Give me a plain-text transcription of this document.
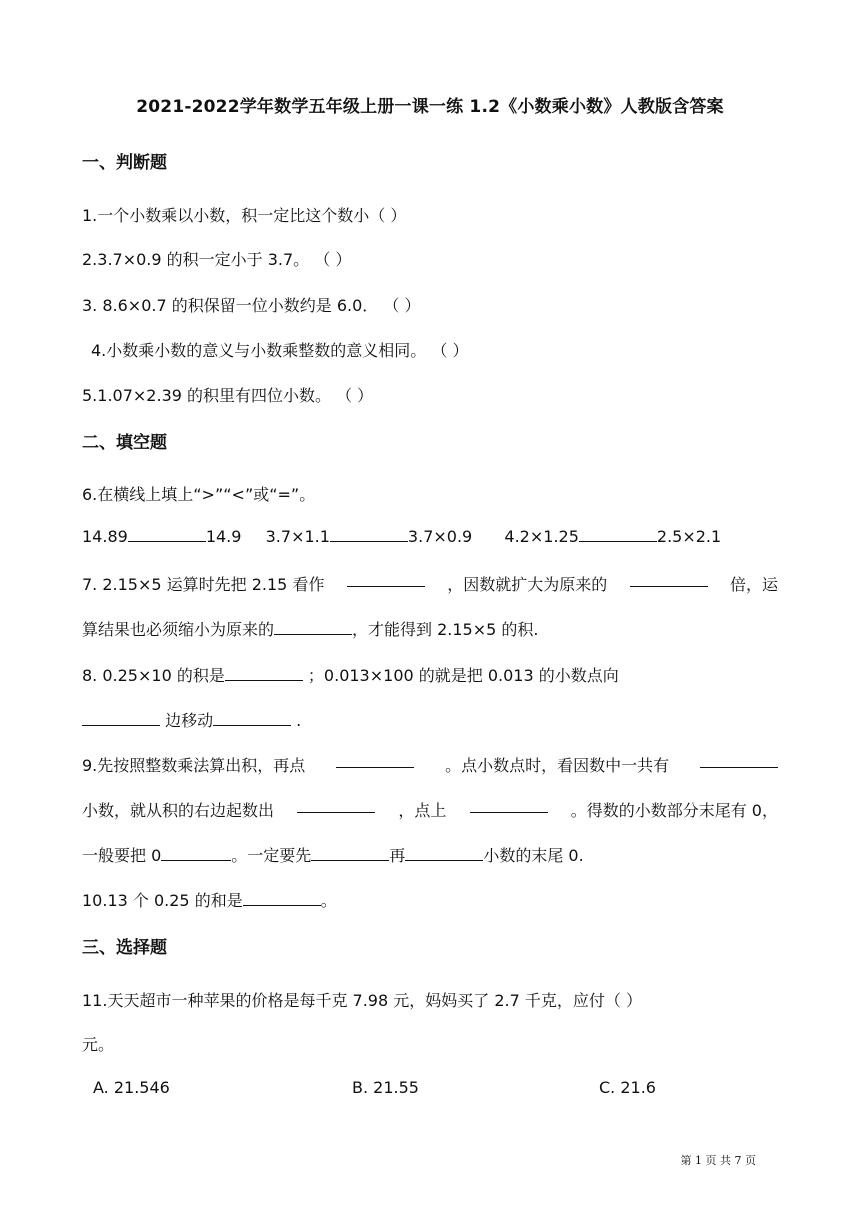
2021-2022学年数学五年级上册一课一练 1.2《小数乘小数》人教版含答案
一、判断题
1.一个小数乘以小数，积一定比这个数小（ ）
2.3.7×0.9 的积一定小于 3.7。 （ ）
3. 8.6×0.7 的积保留一位小数约是 6.0． （ ）
4.小数乘小数的意义与小数乘整数的意义相同。 （ ）
5.1.07×2.39 的积里有四位小数。 （ ）
二、填空题
6.在横线上填上“>”“<”或“=”。
14.89	14.9 3.7×1.1	3.7×0.9 4.2×1.25	2.5×2.1
7. 2.15×5 运算时先把 2.15 看作	，因数就扩大为原来的	倍，运
算结果也必须缩小为原来的	，才能得到 2.15×5 的积.
8. 0.25×10 的积是	；0.013×100 的就是把 0.013 的小数点向
边移动	.
9.先按照整数乘法算出积，再点	。点小数点时，看因数中一共有
小数，就从积的右边起数出	，点上	。得数的小数部分末尾有 0，
一般要把 0	。一定要先	再	小数的末尾 0.
10.13 个 0.25 的和是	。
三、选择题
11.天天超市一种苹果的价格是每千克 7.98 元，妈妈买了 2.7 千克，应付（ ）
元。
A. 21.546	B. 21.55	C. 21.6
第 1 页 共 7 页
